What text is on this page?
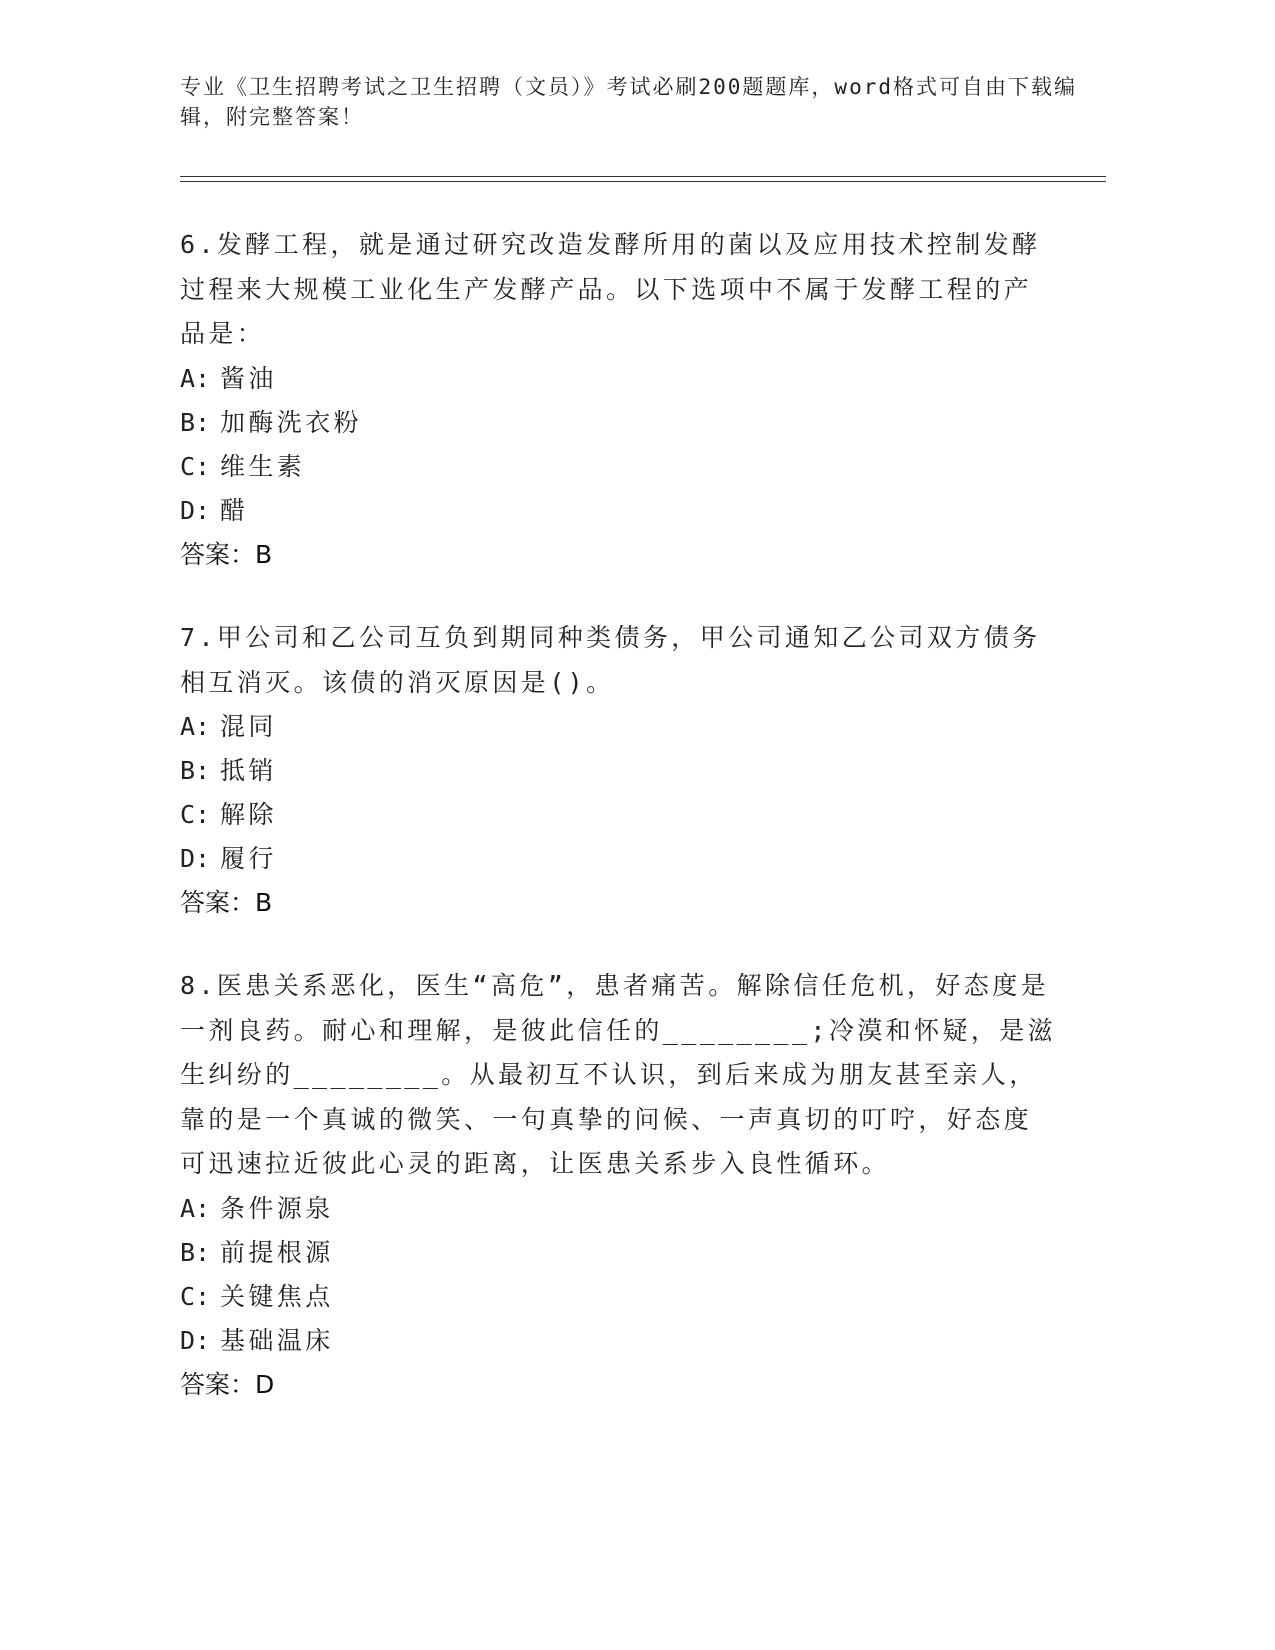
专业《卫生招聘考试之卫生招聘（文员）》考试必刷200题题库，word格式可自由下载编辑，附完整答案！

6.发酵工程，就是通过研究改造发酵所用的菌以及应用技术控制发酵过程来大规模工业化生产发酵产品。以下选项中不属于发酵工程的产品是：

A: 酱油
B: 加酶洗衣粉
C: 维生素
D: 醋
答案：B

7.甲公司和乙公司互负到期同种类债务，甲公司通知乙公司双方债务相互消灭。该债的消灭原因是()。

A: 混同
B: 抵销
C: 解除
D: 履行
答案：B

8.医患关系恶化，医生“高危”，患者痛苦。解除信任危机，好态度是一剂良药。耐心和理解，是彼此信任的________;冷漠和怀疑，是滋生纠纷的________。从最初互不认识，到后来成为朋友甚至亲人，靠的是一个真诚的微笑、一句真挚的问候、一声真切的叮咛，好态度可迅速拉近彼此心灵的距离，让医患关系步入良性循环。

A: 条件源泉
B: 前提根源
C: 关键焦点
D: 基础温床
答案：D
